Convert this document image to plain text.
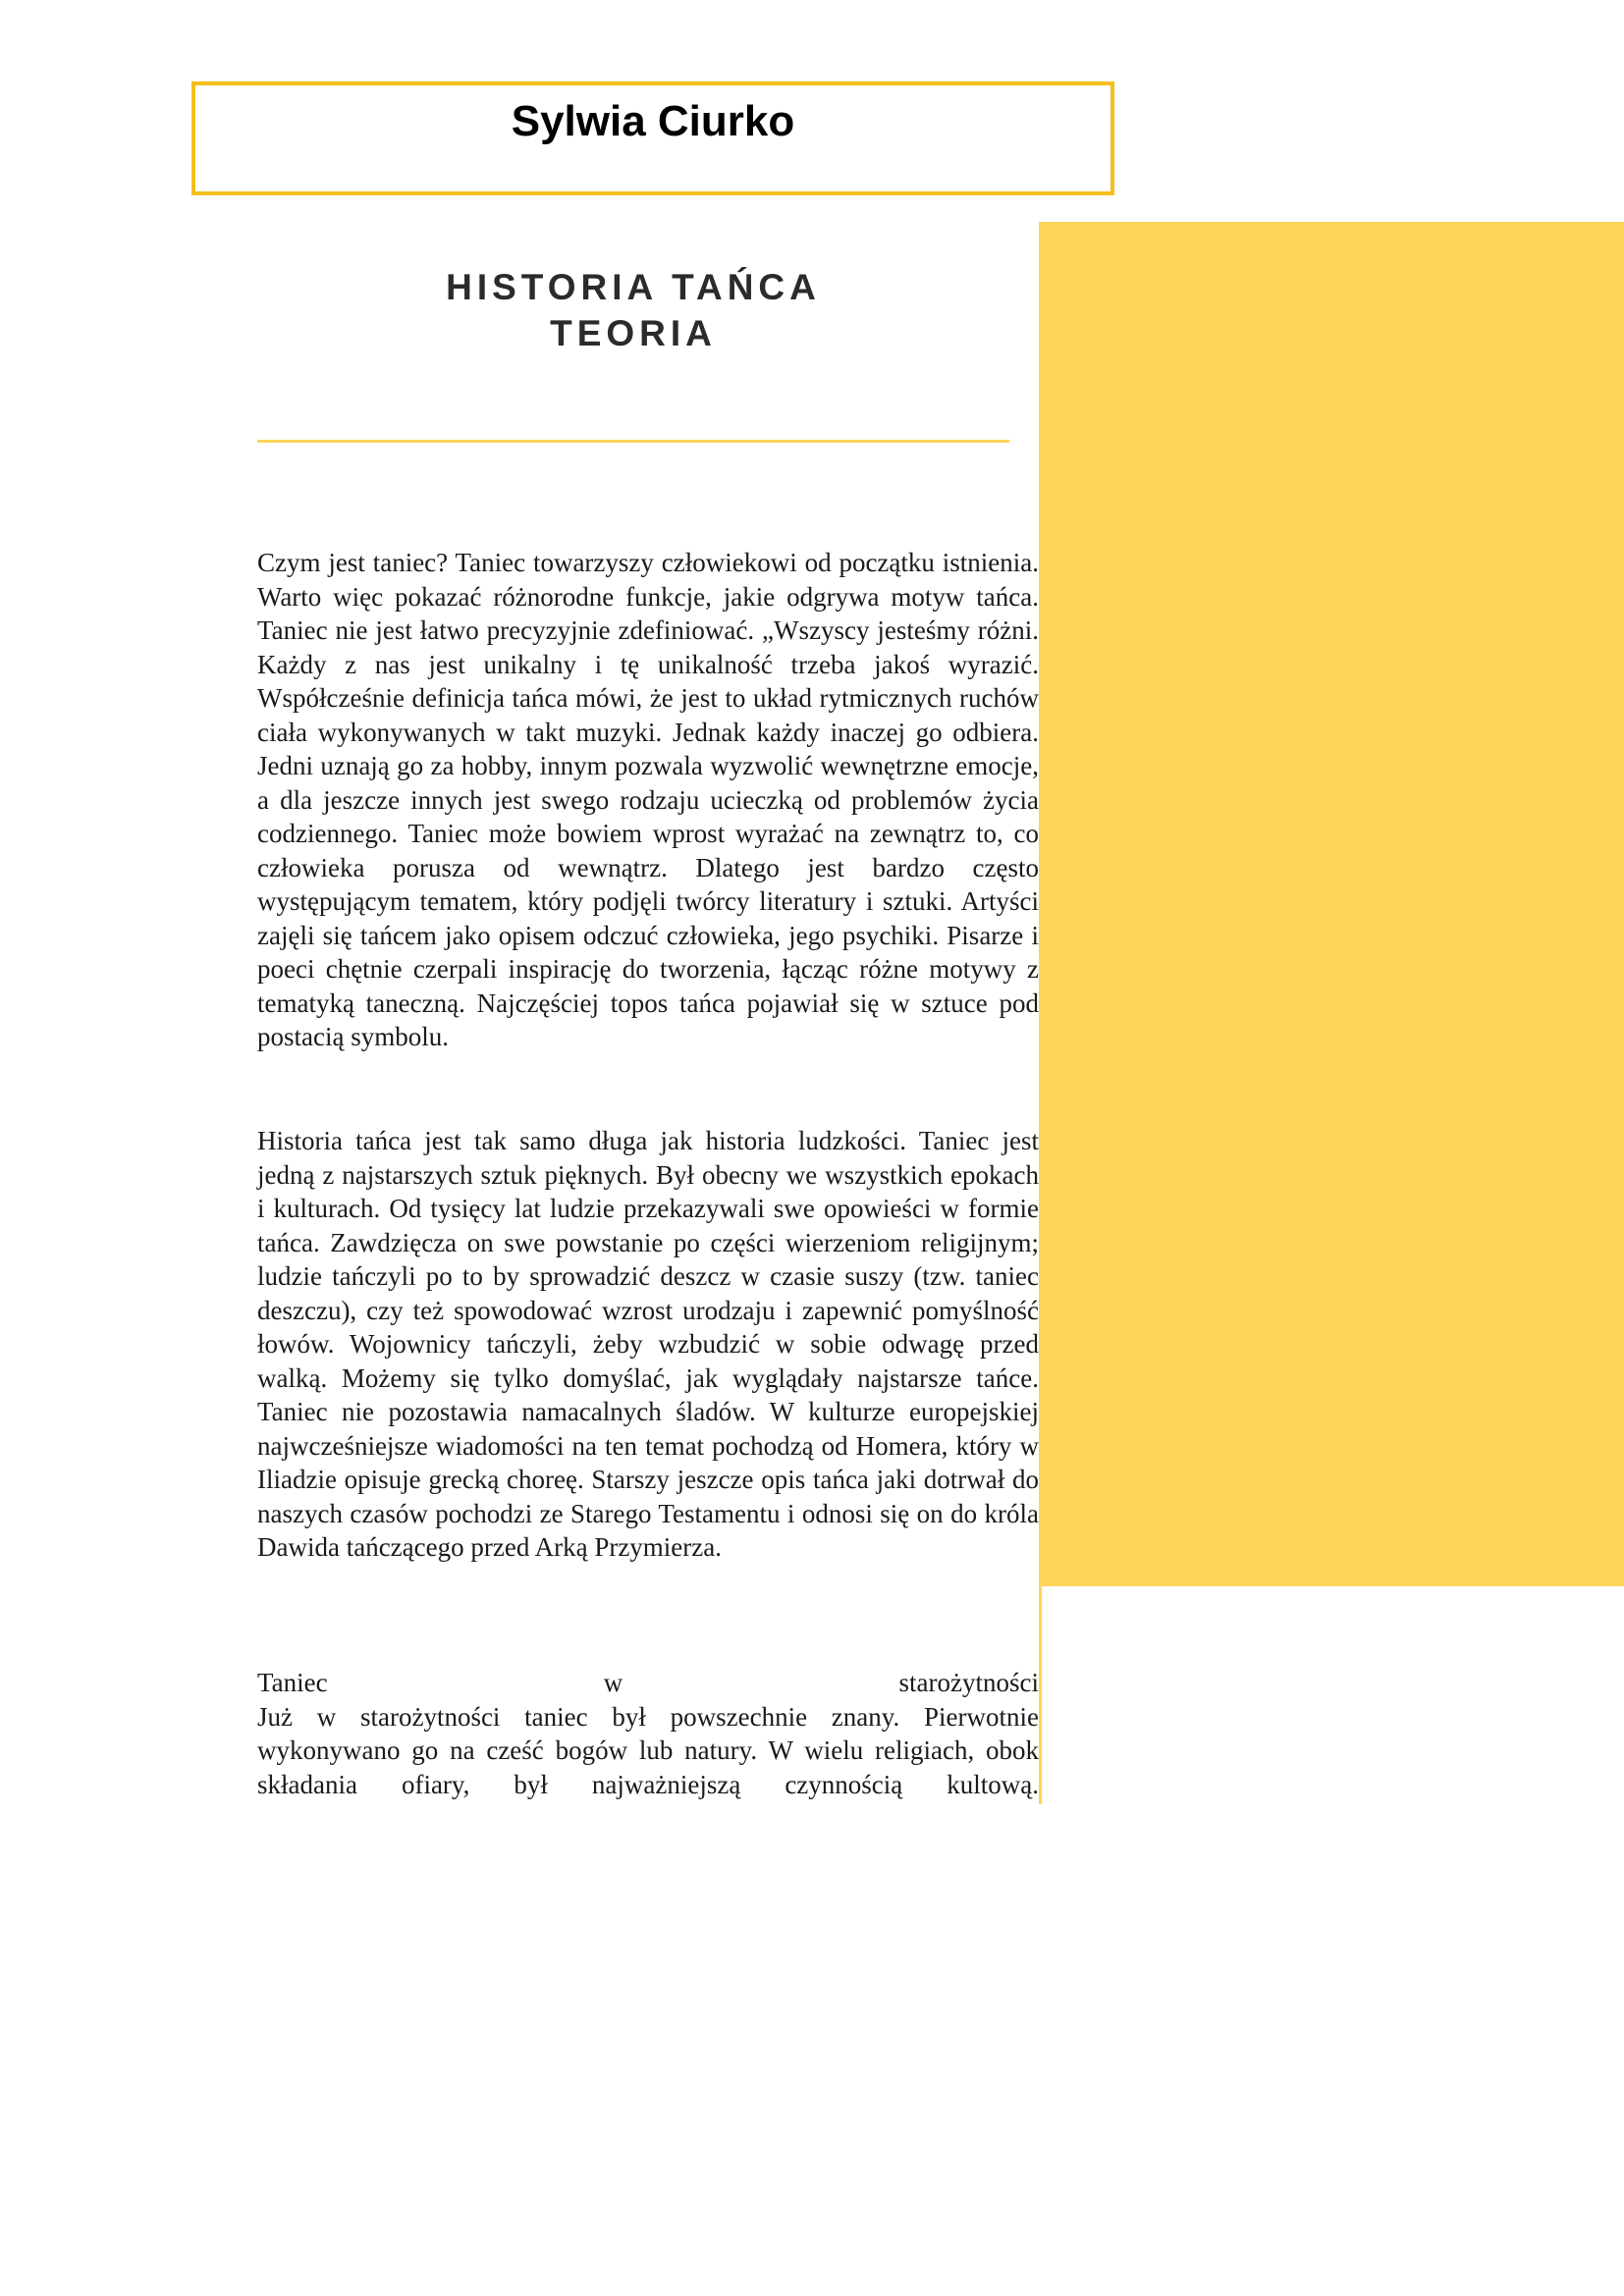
Sylwia Ciurko

HISTORIA TAŃCA
TEORIA

Czym jest taniec? Taniec towarzyszy człowiekowi od początku istnienia. Warto więc pokazać różnorodne funkcje, jakie odgrywa motyw tańca. Taniec nie jest łatwo precyzyjnie zdefiniować. „Wszyscy jesteśmy różni. Każdy z nas jest unikalny i tę unikalność trzeba jakoś wyrazić. Współcześnie definicja tańca mówi, że jest to układ rytmicznych ruchów ciała wykonywanych w takt muzyki. Jednak każdy inaczej go odbiera. Jedni uznają go za hobby, innym pozwala wyzwolić wewnętrzne emocje, a dla jeszcze innych jest swego rodzaju ucieczką od problemów życia codziennego. Taniec może bowiem wprost wyrażać na zewnątrz to, co człowieka porusza od wewnątrz. Dlatego jest bardzo często występującym tematem, który podjęli twórcy literatury i sztuki. Artyści zajęli się tańcem jako opisem odczuć człowieka, jego psychiki. Pisarze i poeci chętnie czerpali inspirację do tworzenia, łącząc różne motywy z tematyką taneczną. Najczęściej topos tańca pojawiał się w sztuce pod postacią symbolu.

Historia tańca jest tak samo długa jak historia ludzkości. Taniec jest jedną z najstarszych sztuk pięknych. Był obecny we wszystkich epokach i kulturach. Od tysięcy lat ludzie przekazywali swe opowieści w formie tańca. Zawdzięcza on swe powstanie po części wierzeniom religijnym; ludzie tańczyli po to by sprowadzić deszcz w czasie suszy (tzw. taniec deszczu), czy też spowodować wzrost urodzaju i zapewnić pomyślność łowów. Wojownicy tańczyli, żeby wzbudzić w sobie odwagę przed walką. Możemy się tylko domyślać, jak wyglądały najstarsze tańce. Taniec nie pozostawia namacalnych śladów. W kulturze europejskiej najwcześniejsze wiadomości na ten temat pochodzą od Homera, który w Iliadzie opisuje grecką choreę. Starszy jeszcze opis tańca jaki dotrwał do naszych czasów pochodzi ze Starego Testamentu i odnosi się on do króla Dawida tańczącego przed Arką Przymierza.

Taniec w starożytności
Już w starożytności taniec był powszechnie znany. Pierwotnie wykonywano go na cześć bogów lub natury. W wielu religiach, obok składania ofiary, był najważniejszą czynnością kultową.
